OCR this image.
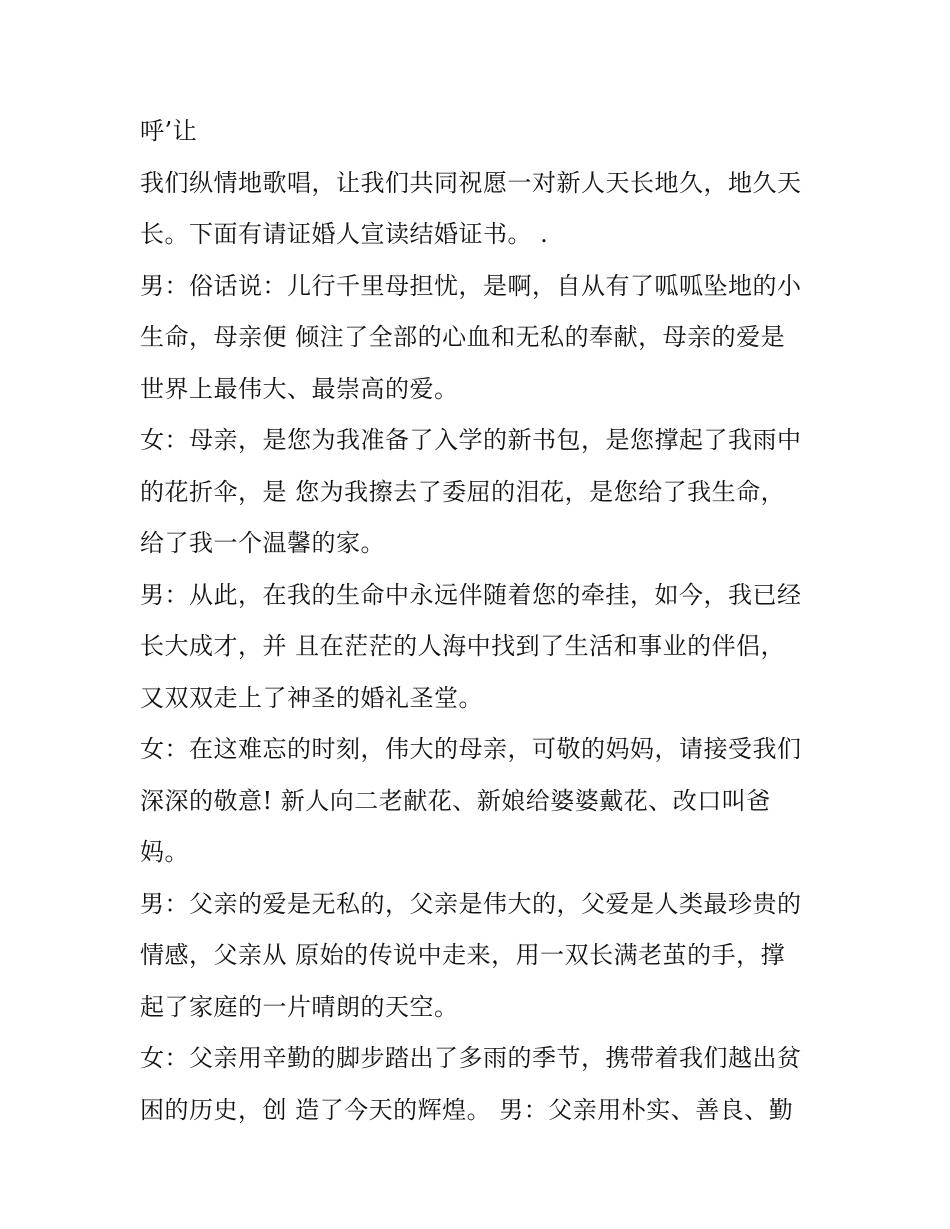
呼’让
我们纵情地歌唱，让我们共同祝愿一对新人天长地久，地久天
长。下面有请证婚人宣读结婚证书。 .
男：俗话说：儿行千里母担忧，是啊，自从有了呱呱坠地的小
生命，母亲便 倾注了全部的心血和无私的奉献，母亲的爱是
世界上最伟大、最崇高的爱。
女：母亲，是您为我准备了入学的新书包，是您撑起了我雨中
的花折伞，是 您为我擦去了委屈的泪花，是您给了我生命，
给了我一个温馨的家。
男：从此，在我的生命中永远伴随着您的牵挂，如今，我已经
长大成才，并 且在茫茫的人海中找到了生活和事业的伴侣，
又双双走上了神圣的婚礼圣堂。
女：在这难忘的时刻，伟大的母亲，可敬的妈妈，请接受我们
深深的敬意! 新人向二老献花、新娘给婆婆戴花、改口叫爸
妈。
男：父亲的爱是无私的，父亲是伟大的，父爱是人类最珍贵的
情感，父亲从 原始的传说中走来，用一双长满老茧的手，撑
起了家庭的一片晴朗的天空。
女：父亲用辛勤的脚步踏出了多雨的季节，携带着我们越出贫
困的历史，创 造了今天的辉煌。 男：父亲用朴实、善良、勤
